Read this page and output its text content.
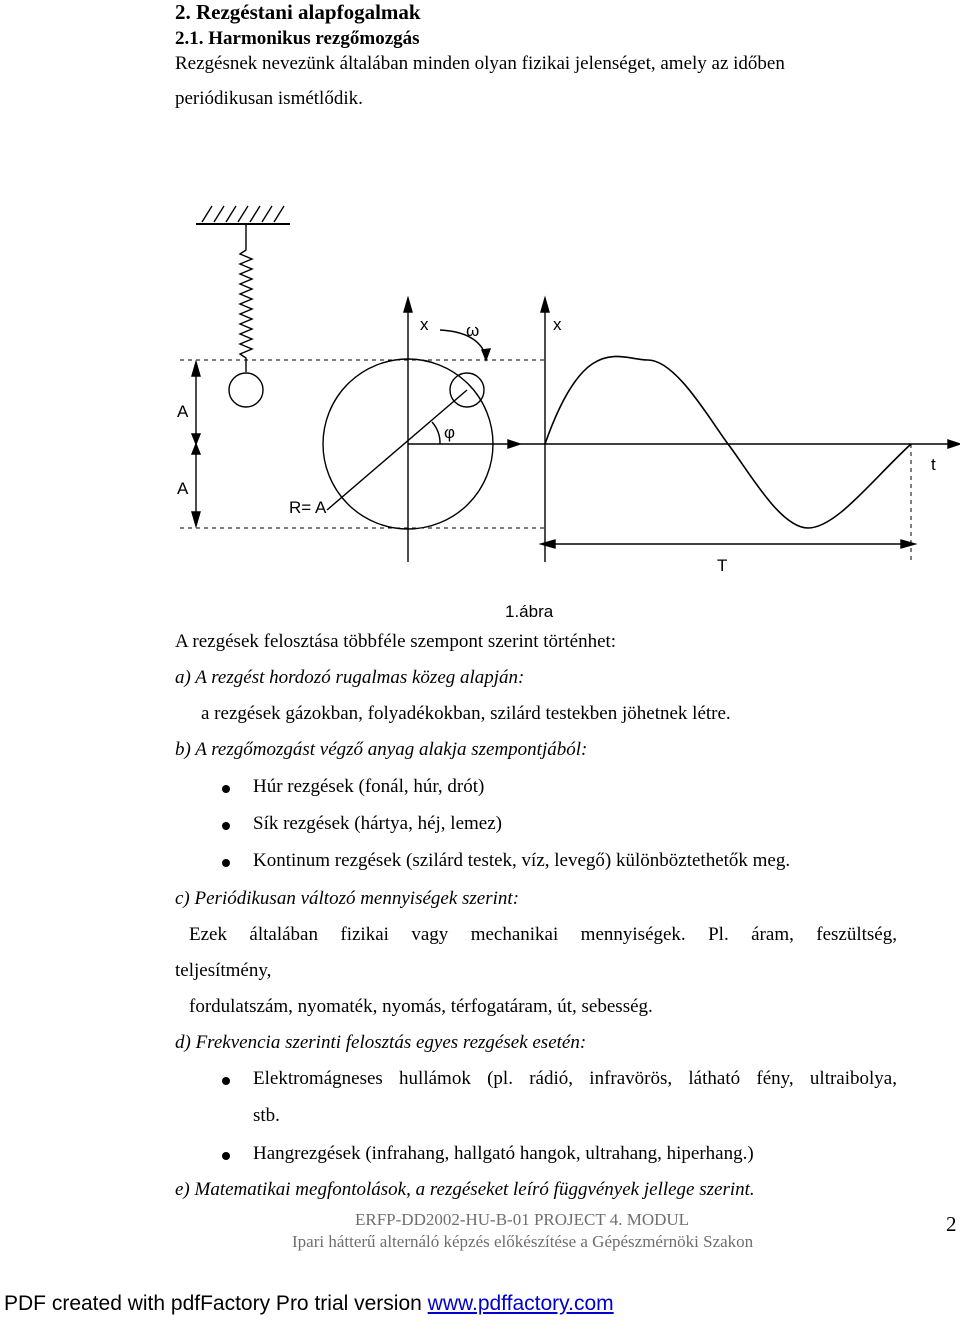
2. Rezgéstani alapfogalmak
2.1. Harmonikus rezgőmozgás
Rezgésnek nevezünk általában minden olyan fizikai jelenséget, amely az időben
periódikusan ismétlődik.
x ω	x
A
φ
t
A
R= A
T
1.ábra
A rezgések felosztása többféle szempont szerint történhet:
a) A rezgést hordozó rugalmas közeg alapján:
a rezgések gázokban, folyadékokban, szilárd testekben jöhetnek létre.
b) A rezgőmozgást végző anyag alakja szempontjából:
Húr rezgések (fonál, húr, drót)
Sík rezgések (hártya, héj, lemez)
Kontinum rezgések (szilárd testek, víz, levegő) különböztethetők meg.
c) Periódikusan változó mennyiségek szerint:
Ezek általában fizikai vagy mechanikai mennyiségek. Pl. áram, feszültség,
teljesítmény,
fordulatszám, nyomaték, nyomás, térfogatáram, út, sebesség.
d) Frekvencia szerinti felosztás egyes rezgések esetén:
Elektromágneses hullámok (pl. rádió, infravörös, látható fény, ultraibolya,
stb.
Hangrezgések (infrahang, hallgató hangok, ultrahang, hiperhang.)
e) Matematikai megfontolások, a rezgéseket leíró függvények jellege szerint.
ERFP-DD2002-HU-B-01 PROJECT 4. MODUL
Ipari hátterű alternáló képzés előkészítése a Gépészmérnöki Szakon
2
PDF created with pdfFactory Pro trial version www.pdffactory.com
